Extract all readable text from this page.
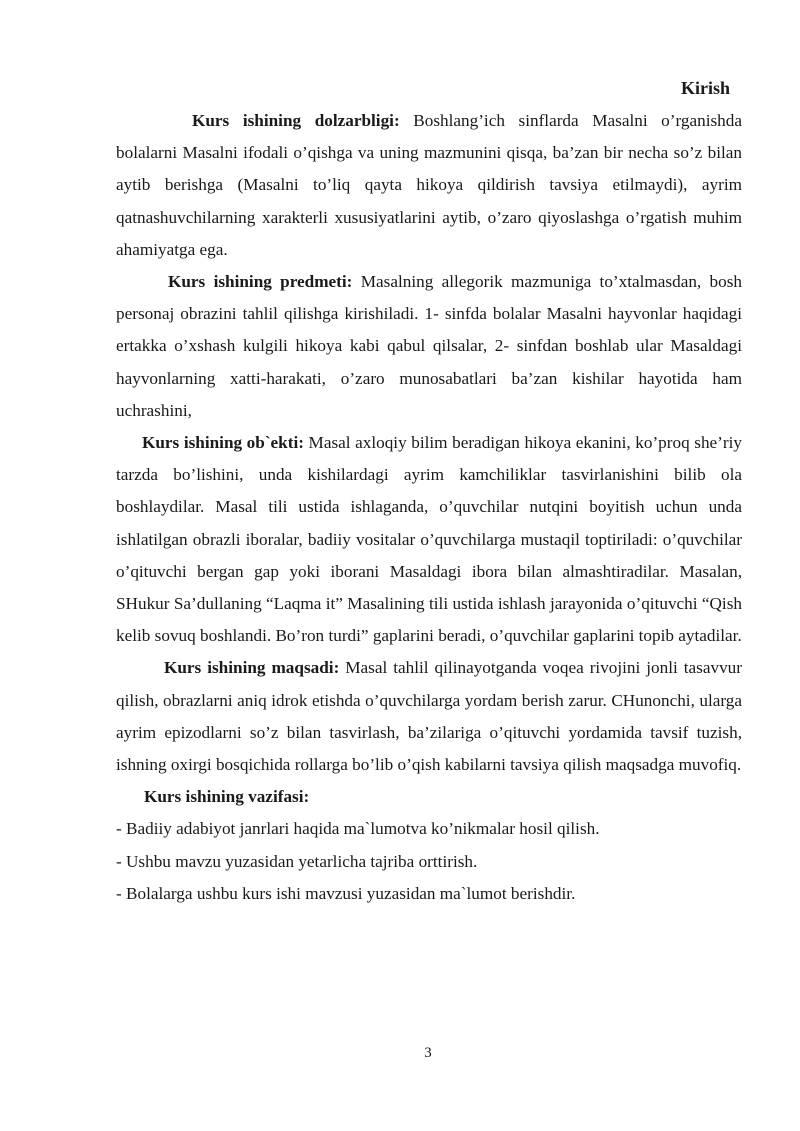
Kirish

Kurs ishining dolzarbligi: Boshlang’ich sinflarda Masalni o’rganishda bolalarni Masalni ifodali o’qishga va uning mazmunini qisqa, ba’zan bir necha so’z bilan aytib berishga (Masalni to’liq qayta hikoya qildirish tavsiya etilmaydi), ayrim qatnashuvchilarning xarakterli xususiyatlarini aytib, o’zaro qiyoslashga o’rgatish muhim ahamiyatga ega.

Kurs ishining predmeti: Masalning allegorik mazmuniga to’xtalmasdan, bosh personaj obrazini tahlil qilishga kirishiladi. 1- sinfda bolalar Masalni hayvonlar haqidagi ertakka o’xshash kulgili hikoya kabi qabul qilsalar, 2- sinfdan boshlab ular Masaldagi hayvonlarning xatti-harakati, o’zaro munosabatlari ba’zan kishilar hayotida ham uchrashini,

Kurs ishining ob`ekti: Masal axloqiy bilim beradigan hikoya ekanini, ko’proq she’riy tarzda bo’lishini, unda kishilardagi ayrim kamchiliklar tasvirlanishini bilib ola boshlaydilar. Masal tili ustida ishlaganda, o’quvchilar nutqini boyitish uchun unda ishlatilgan obrazli iboralar, badiiy vositalar o’quvchilarga mustaqil toptiriladi: o’quvchilar o’qituvchi bergan gap yoki iborani Masaldagi ibora bilan almashtiradilar. Masalan, SHukur Sa’dullaning “Laqma it” Masalining tili ustida ishlash jarayonida o’qituvchi “Qish kelib sovuq boshlandi. Bo’ron turdi” gaplarini beradi, o’quvchilar gaplarini topib aytadilar.

Kurs ishining maqsadi: Masal tahlil qilinayotganda voqea rivojini jonli tasavvur qilish, obrazlarni aniq idrok etishda o’quvchilarga yordam berish zarur. CHunonchi, ularga ayrim epizodlarni so’z bilan tasvirlash, ba’zilariga o’qituvchi yordamida tavsif tuzish, ishning oxirgi bosqichida rollarga bo’lib o’qish kabilarni tavsiya qilish maqsadga muvofiq.

Kurs ishining vazifasi:

- Badiiy adabiyot janrlari haqida ma`lumotva ko’nikmalar hosil qilish.
- Ushbu mavzu yuzasidan yetarlicha tajriba orttirish.
- Bolalarga ushbu kurs ishi mavzusi yuzasidan ma`lumot berishdir.
3
